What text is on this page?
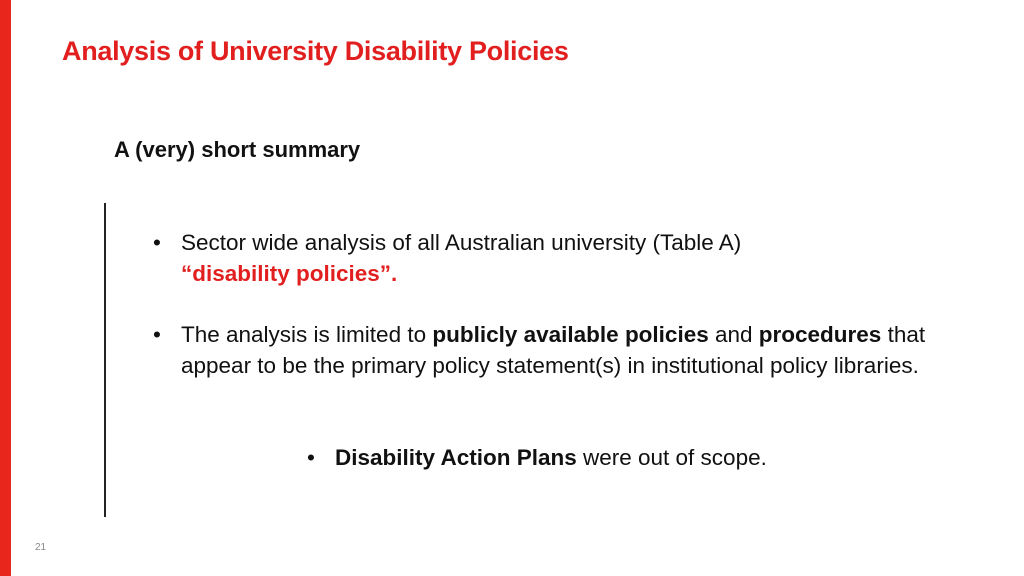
Analysis of University Disability Policies
A (very) short summary
• Sector wide analysis of all Australian university (Table A)
“disability policies”.
• The analysis is limited to publicly available policies and procedures that appear to be the primary policy statement(s) in institutional policy libraries.
• Disability Action Plans were out of scope.
21
